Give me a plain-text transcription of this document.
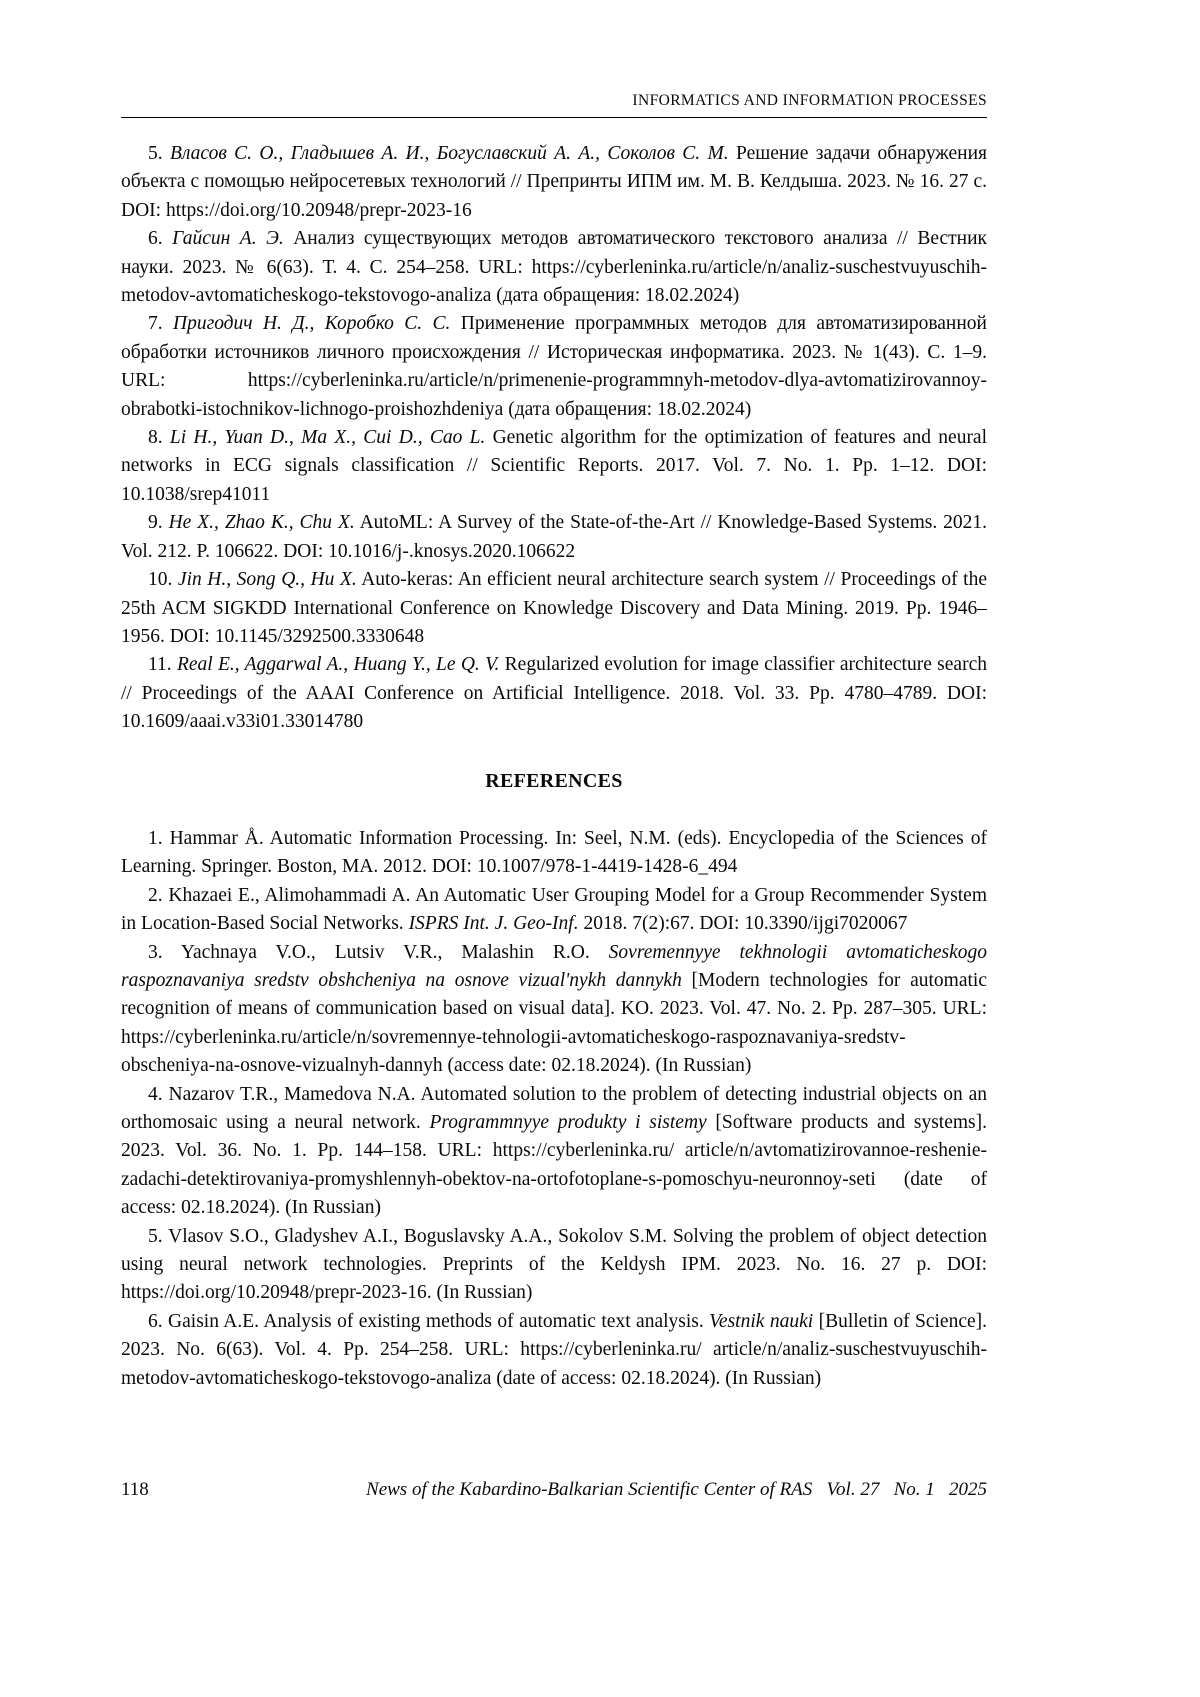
INFORMATICS AND INFORMATION PROCESSES

5. Власов С. О., Гладышев А. И., Богуславский А. А., Соколов С. М. Решение задачи обнаружения объекта с помощью нейросетевых технологий // Препринты ИПМ им. М. В. Келдыша. 2023. № 16. 27 с. DOI: https://doi.org/10.20948/prepr-2023-16

6. Гайсин А. Э. Анализ существующих методов автоматического текстового анализа // Вестник науки. 2023. № 6(63). Т. 4. С. 254–258. URL: https://cyberleninka.ru/article/n/analiz-suschestvuyuschih-metodov-avtomaticheskogo-tekstovogo-analiza (дата обращения: 18.02.2024)

7. Пригодич Н. Д., Коробко С. С. Применение программных методов для автоматизированной обработки источников личного происхождения // Историческая информатика. 2023. № 1(43). С. 1–9. URL: https://cyberleninka.ru/article/n/primenenie-programmnyh-metodov-dlya-avtomatizirovannoy-obrabotki-istochnikov-lichnogo-proishozhdeniya (дата обращения: 18.02.2024)

8. Li H., Yuan D., Ma X., Cui D., Cao L. Genetic algorithm for the optimization of features and neural networks in ECG signals classification // Scientific Reports. 2017. Vol. 7. No. 1. Pp. 1–12. DOI: 10.1038/srep41011

9. He X., Zhao K., Chu X. AutoML: A Survey of the State-of-the-Art // Knowledge-Based Systems. 2021. Vol. 212. P. 106622. DOI: 10.1016/j-.knosys.2020.106622

10. Jin H., Song Q., Hu X. Auto-keras: An efficient neural architecture search system // Proceedings of the 25th ACM SIGKDD International Conference on Knowledge Discovery and Data Mining. 2019. Pp. 1946–1956. DOI: 10.1145/3292500.3330648

11. Real E., Aggarwal A., Huang Y., Le Q. V. Regularized evolution for image classifier architecture search // Proceedings of the AAAI Conference on Artificial Intelligence. 2018. Vol. 33. Pp. 4780–4789. DOI: 10.1609/aaai.v33i01.33014780

REFERENCES

1. Hammar Å. Automatic Information Processing. In: Seel, N.M. (eds). Encyclopedia of the Sciences of Learning. Springer. Boston, MA. 2012. DOI: 10.1007/978-1-4419-1428-6_494

2. Khazaei E., Alimohammadi A. An Automatic User Grouping Model for a Group Recommender System in Location-Based Social Networks. ISPRS Int. J. Geo-Inf. 2018. 7(2):67. DOI: 10.3390/ijgi7020067

3. Yachnaya V.O., Lutsiv V.R., Malashin R.O. Sovremennyye tekhnologii avtomaticheskogo raspoznavaniya sredstv obshcheniya na osnove vizual'nykh dannykh [Modern technologies for automatic recognition of means of communication based on visual data]. KO. 2023. Vol. 47. No. 2. Pp. 287–305. URL: https://cyberleninka.ru/article/n/sovremennye-tehnologii-avtomaticheskogo-raspoznavaniya-sredstv-obscheniya-na-osnove-vizualnyh-dannyh (access date: 02.18.2024). (In Russian)

4. Nazarov T.R., Mamedova N.A. Automated solution to the problem of detecting industrial objects on an orthomosaic using a neural network. Programmnyye produkty i sistemy [Software products and systems]. 2023. Vol. 36. No. 1. Pp. 144–158. URL: https://cyberleninka.ru/ article/n/avtomatizirovannoe-reshenie-zadachi-detektirovaniya-promyshlennyh-obektov-na-ortofotoplane-s-pomoschyu-neuronnoy-seti (date of access: 02.18.2024). (In Russian)

5. Vlasov S.O., Gladyshev A.I., Boguslavsky A.A., Sokolov S.M. Solving the problem of object detection using neural network technologies. Preprints of the Keldysh IPM. 2023. No. 16. 27 p. DOI: https://doi.org/10.20948/prepr-2023-16. (In Russian)

6. Gaisin A.E. Analysis of existing methods of automatic text analysis. Vestnik nauki [Bulletin of Science]. 2023. No. 6(63). Vol. 4. Pp. 254–258. URL: https://cyberleninka.ru/ article/n/analiz-suschestvuyuschih-metodov-avtomaticheskogo-tekstovogo-analiza (date of access: 02.18.2024). (In Russian)

118	News of the Kabardino-Balkarian Scientific Center of RAS   Vol. 27   No. 1   2025
